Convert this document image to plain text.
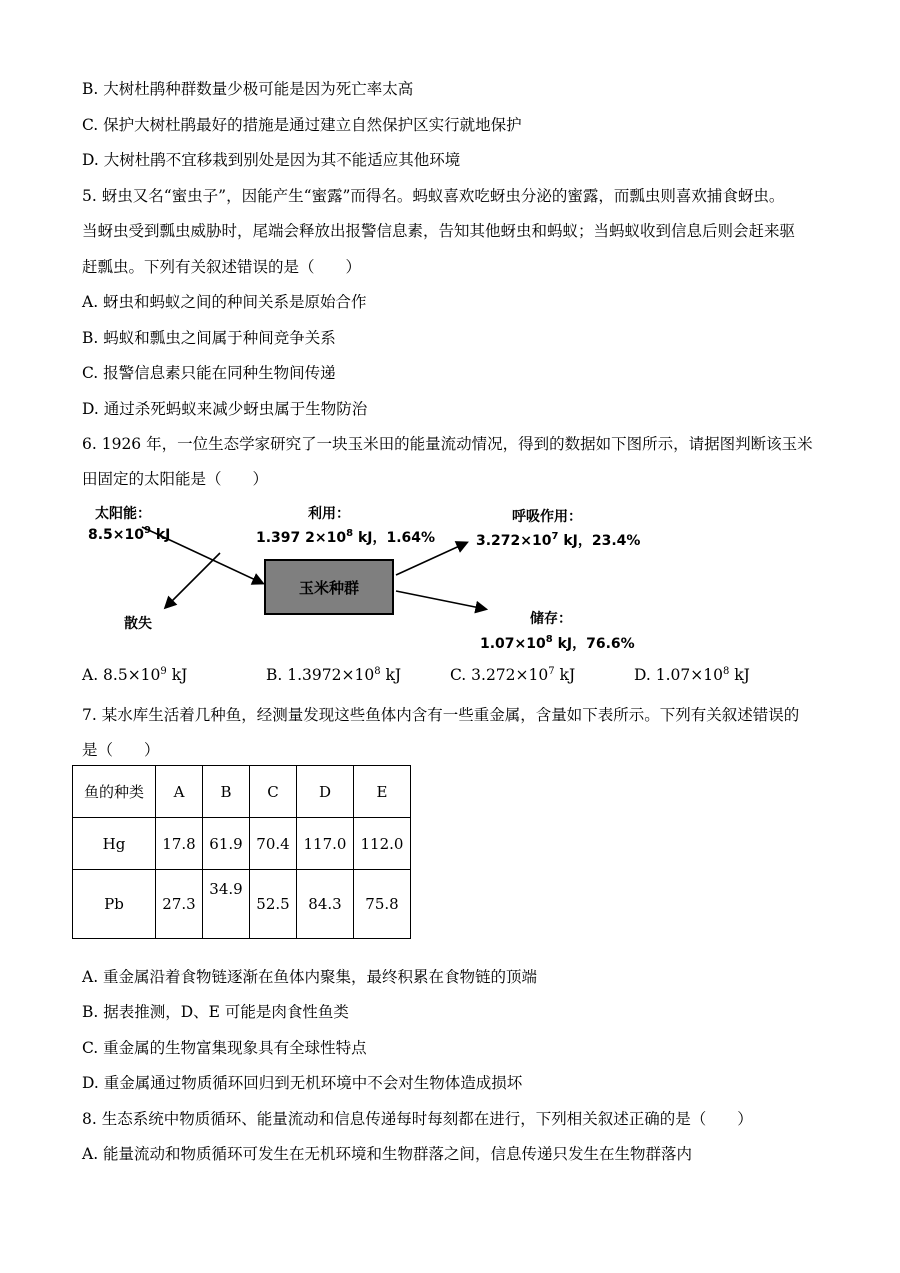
B. 大树杜鹃种群数量少极可能是因为死亡率太高
C. 保护大树杜鹃最好的措施是通过建立自然保护区实行就地保护
D. 大树杜鹃不宜移栽到别处是因为其不能适应其他环境
5. 蚜虫又名“蜜虫子”，因能产生“蜜露”而得名。蚂蚁喜欢吃蚜虫分泌的蜜露，而瓢虫则喜欢捕食蚜虫。
当蚜虫受到瓢虫威胁时，尾端会释放出报警信息素，告知其他蚜虫和蚂蚁；当蚂蚁收到信息后则会赶来驱
赶瓢虫。下列有关叙述错误的是（　　）
A. 蚜虫和蚂蚁之间的种间关系是原始合作
B. 蚂蚁和瓢虫之间属于种间竞争关系
C. 报警信息素只能在同种生物间传递
D. 通过杀死蚂蚁来减少蚜虫属于生物防治
6. 1926 年，一位生态学家研究了一块玉米田的能量流动情况，得到的数据如下图所示，请据图判断该玉米
田固定的太阳能是（　　）
太阳能：
$8.5\times 10^9$ kJ
利用：
1.397 $2\times 10^8$ kJ，1.64%
呼吸作用：
$3.272\times 10^7$ kJ，23.4%
玉米种群
散失	储存：
$1.07\times 10^8$ kJ，76.6%
A. $8.5\times 10^9$ kJ	B. $1.3972\times 10^8$ kJ	C. $3.272\times 10^7$ kJ	D. $1.07\times 10^8$ kJ
7. 某水库生活着几种鱼，经测量发现这些鱼体内含有一些重金属，含量如下表所示。下列有关叙述错误的
是（　　）
鱼的种类	A	B	C	D	E
Hg	17.8	61.9	70.4	117.0	112.0
Pb	27.3	34.9	52.5	84.3	75.8
A. 重金属沿着食物链逐渐在鱼体内聚集，最终积累在食物链的顶端
B. 据表推测，D、E 可能是肉食性鱼类
C. 重金属的生物富集现象具有全球性特点
D. 重金属通过物质循环回归到无机环境中不会对生物体造成损坏
8. 生态系统中物质循环、能量流动和信息传递每时每刻都在进行，下列相关叙述正确的是（　　）
A. 能量流动和物质循环可发生在无机环境和生物群落之间，信息传递只发生在生物群落内
